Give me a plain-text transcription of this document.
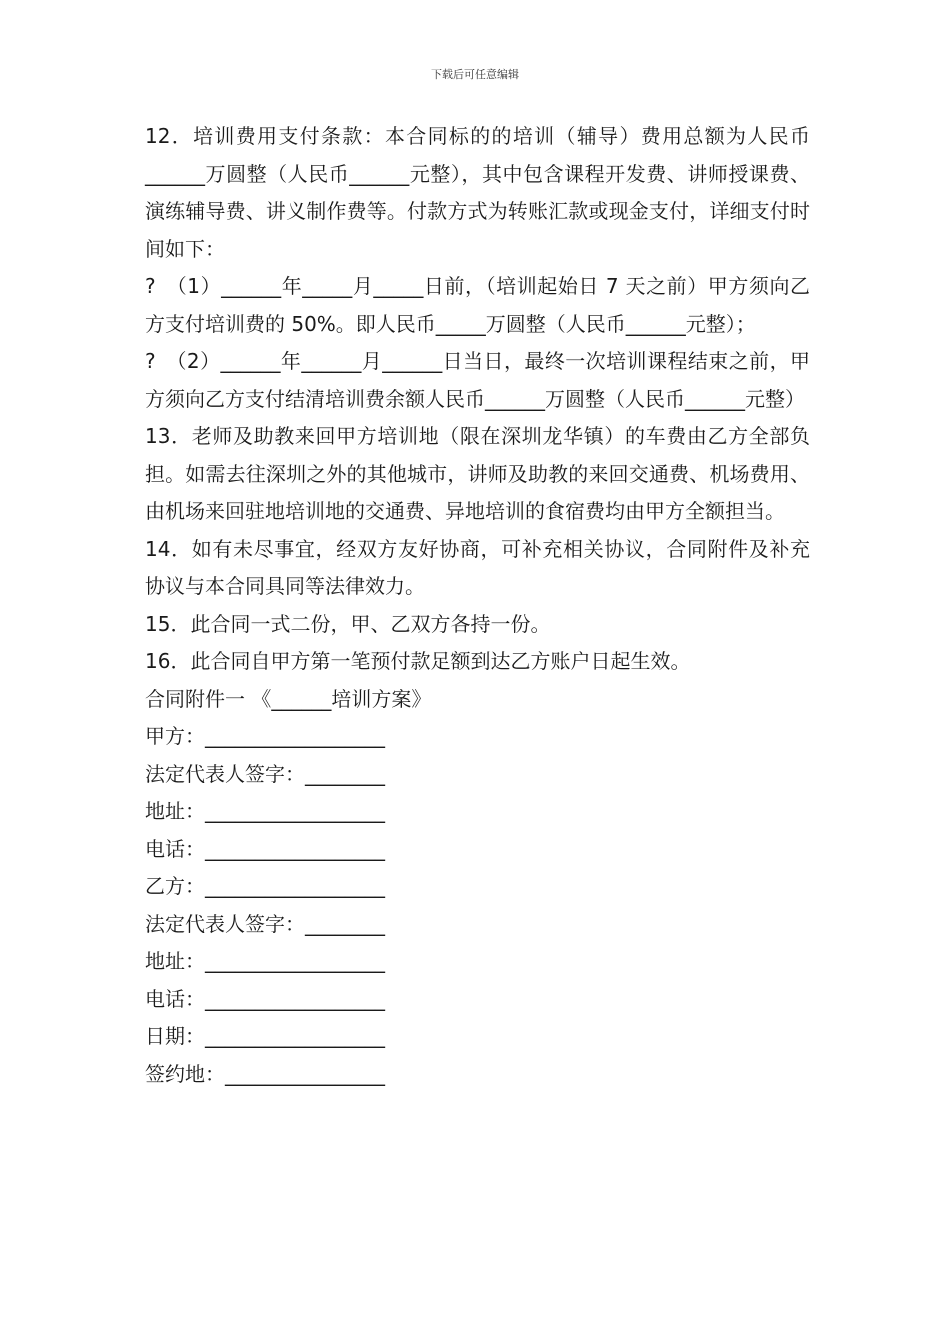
下载后可任意编辑

12．培训费用支付条款：本合同标的的培训（辅导）费用总额为人民币______万圆整（人民币______元整），其中包含课程开发费、讲师授课费、演练辅导费、讲义制作费等。付款方式为转账汇款或现金支付，详细支付时间如下：

?　（1）______年_____月_____日前，（培训起始日 7 天之前）甲方须向乙方支付培训费的 50%。即人民币_____万圆整（人民币______元整）；

?　（2）______年______月______日当日，最终一次培训课程结束之前，甲方须向乙方支付结清培训费余额人民币______万圆整（人民币______元整）

13．老师及助教来回甲方培训地（限在深圳龙华镇）的车费由乙方全部负担。如需去往深圳之外的其他城市，讲师及助教的来回交通费、机场费用、由机场来回驻地培训地的交通费、异地培训的食宿费均由甲方全额担当。

14．如有未尽事宜，经双方友好协商，可补充相关协议，合同附件及补充协议与本合同具同等法律效力。

15．此合同一式二份，甲、乙双方各持一份。

16．此合同自甲方第一笔预付款足额到达乙方账户日起生效。

合同附件一 《______培训方案》

甲方：__________________

法定代表人签字：________

地址：__________________

电话：__________________

乙方：__________________

法定代表人签字：________

地址：__________________

电话：__________________

日期：__________________

签约地：________________
